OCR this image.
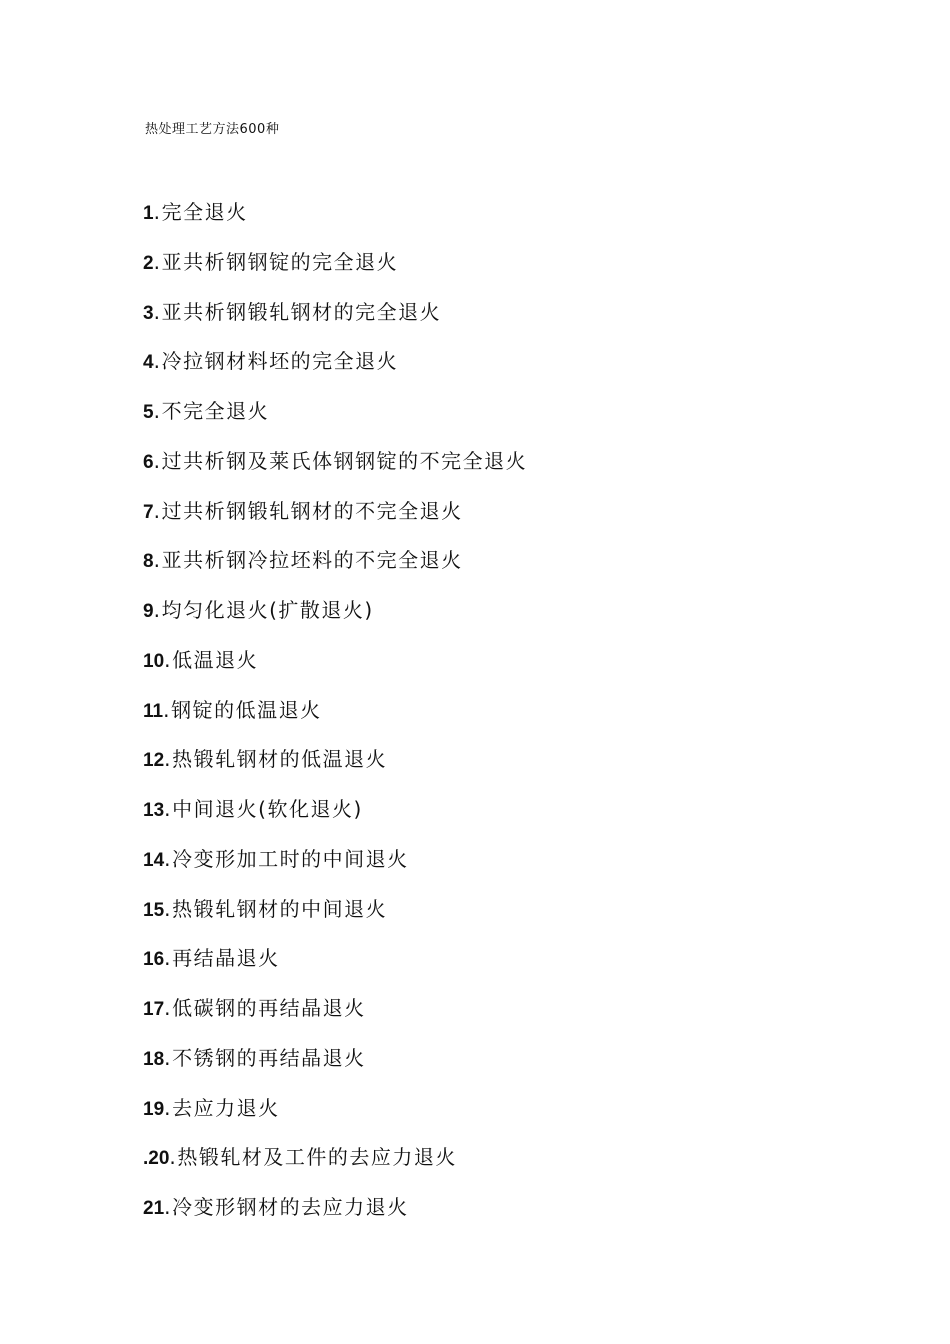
热处理工艺方法600种
1.完全退火
2.亚共析钢钢锭的完全退火
3.亚共析钢锻轧钢材的完全退火
4.冷拉钢材料坯的完全退火
5.不完全退火
6.过共析钢及莱氏体钢钢锭的不完全退火
7.过共析钢锻轧钢材的不完全退火
8.亚共析钢冷拉坯料的不完全退火
9.均匀化退火(扩散退火)
10.低温退火
11.钢锭的低温退火
12.热锻轧钢材的低温退火
13.中间退火(软化退火)
14.冷变形加工时的中间退火
15.热锻轧钢材的中间退火
16.再结晶退火
17.低碳钢的再结晶退火
18.不锈钢的再结晶退火
19.去应力退火
.20.热锻轧材及工件的去应力退火
21.冷变形钢材的去应力退火
